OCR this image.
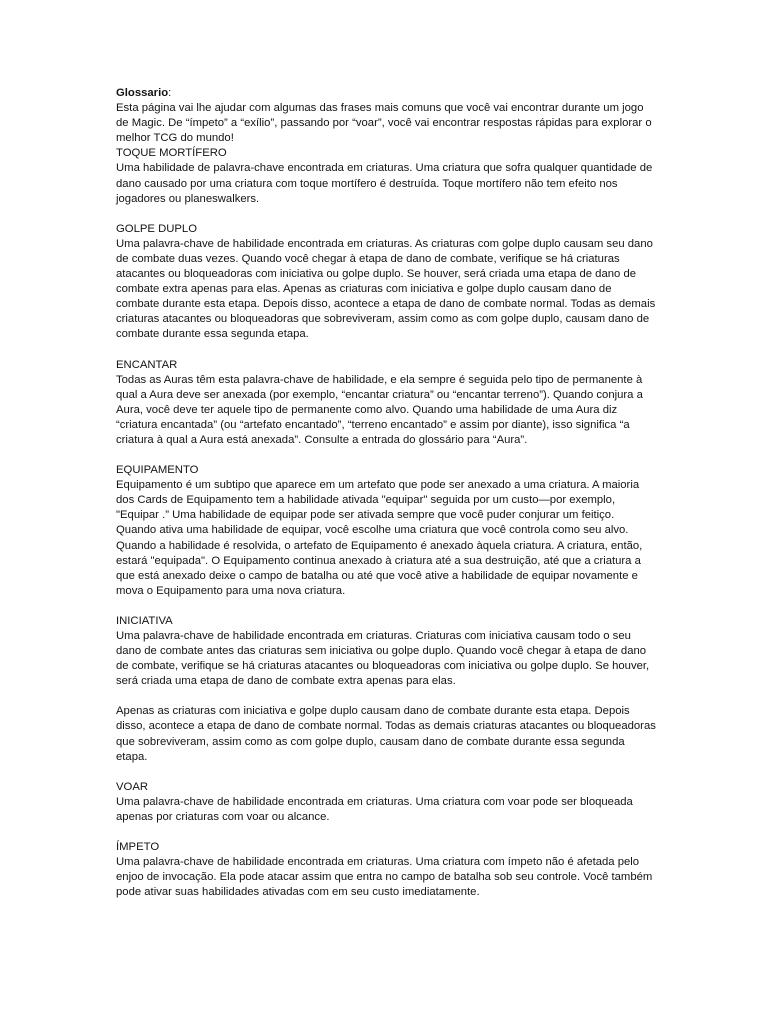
Glossario:

Esta página vai lhe ajudar com algumas das frases mais comuns que você vai encontrar durante um jogo de Magic. De “ímpeto” a “exílio”, passando por “voar”, você vai encontrar respostas rápidas para explorar o melhor TCG do mundo!

TOQUE MORTÍFERO

Uma habilidade de palavra-chave encontrada em criaturas. Uma criatura que sofra qualquer quantidade de dano causado por uma criatura com toque mortífero é destruída. Toque mortífero não tem efeito nos jogadores ou planeswalkers.

GOLPE DUPLO

Uma palavra-chave de habilidade encontrada em criaturas. As criaturas com golpe duplo causam seu dano de combate duas vezes. Quando você chegar à etapa de dano de combate, verifique se há criaturas atacantes ou bloqueadoras com iniciativa ou golpe duplo. Se houver, será criada uma etapa de dano de combate extra apenas para elas. Apenas as criaturas com iniciativa e golpe duplo causam dano de combate durante esta etapa. Depois disso, acontece a etapa de dano de combate normal. Todas as demais criaturas atacantes ou bloqueadoras que sobreviveram, assim como as com golpe duplo, causam dano de combate durante essa segunda etapa.

ENCANTAR

Todas as Auras têm esta palavra-chave de habilidade, e ela sempre é seguida pelo tipo de permanente à qual a Aura deve ser anexada (por exemplo, “encantar criatura” ou “encantar terreno”). Quando conjura a Aura, você deve ter aquele tipo de permanente como alvo. Quando uma habilidade de uma Aura diz “criatura encantada” (ou “artefato encantado”, “terreno encantado” e assim por diante), isso significa “a criatura à qual a Aura está anexada”. Consulte a entrada do glossário para “Aura”.

EQUIPAMENTO

Equipamento é um subtipo que aparece em um artefato que pode ser anexado a uma criatura. A maioria dos Cards de Equipamento tem a habilidade ativada "equipar" seguida por um custo—por exemplo, "Equipar .” Uma habilidade de equipar pode ser ativada sempre que você puder conjurar um feitiço. Quando ativa uma habilidade de equipar, você escolhe uma criatura que você controla como seu alvo. Quando a habilidade é resolvida, o artefato de Equipamento é anexado àquela criatura. A criatura, então, estará "equipada". O Equipamento continua anexado à criatura até a sua destruição, até que a criatura a que está anexado deixe o campo de batalha ou até que você ative a habilidade de equipar novamente e mova o Equipamento para uma nova criatura.

INICIATIVA

Uma palavra-chave de habilidade encontrada em criaturas. Criaturas com iniciativa causam todo o seu dano de combate antes das criaturas sem iniciativa ou golpe duplo. Quando você chegar à etapa de dano de combate, verifique se há criaturas atacantes ou bloqueadoras com iniciativa ou golpe duplo. Se houver, será criada uma etapa de dano de combate extra apenas para elas.

Apenas as criaturas com iniciativa e golpe duplo causam dano de combate durante esta etapa. Depois disso, acontece a etapa de dano de combate normal. Todas as demais criaturas atacantes ou bloqueadoras que sobreviveram, assim como as com golpe duplo, causam dano de combate durante essa segunda etapa.

VOAR

Uma palavra-chave de habilidade encontrada em criaturas. Uma criatura com voar pode ser bloqueada apenas por criaturas com voar ou alcance.

ÍMPETO

Uma palavra-chave de habilidade encontrada em criaturas. Uma criatura com ímpeto não é afetada pelo enjoo de invocação. Ela pode atacar assim que entra no campo de batalha sob seu controle. Você também pode ativar suas habilidades ativadas com em seu custo imediatamente.
